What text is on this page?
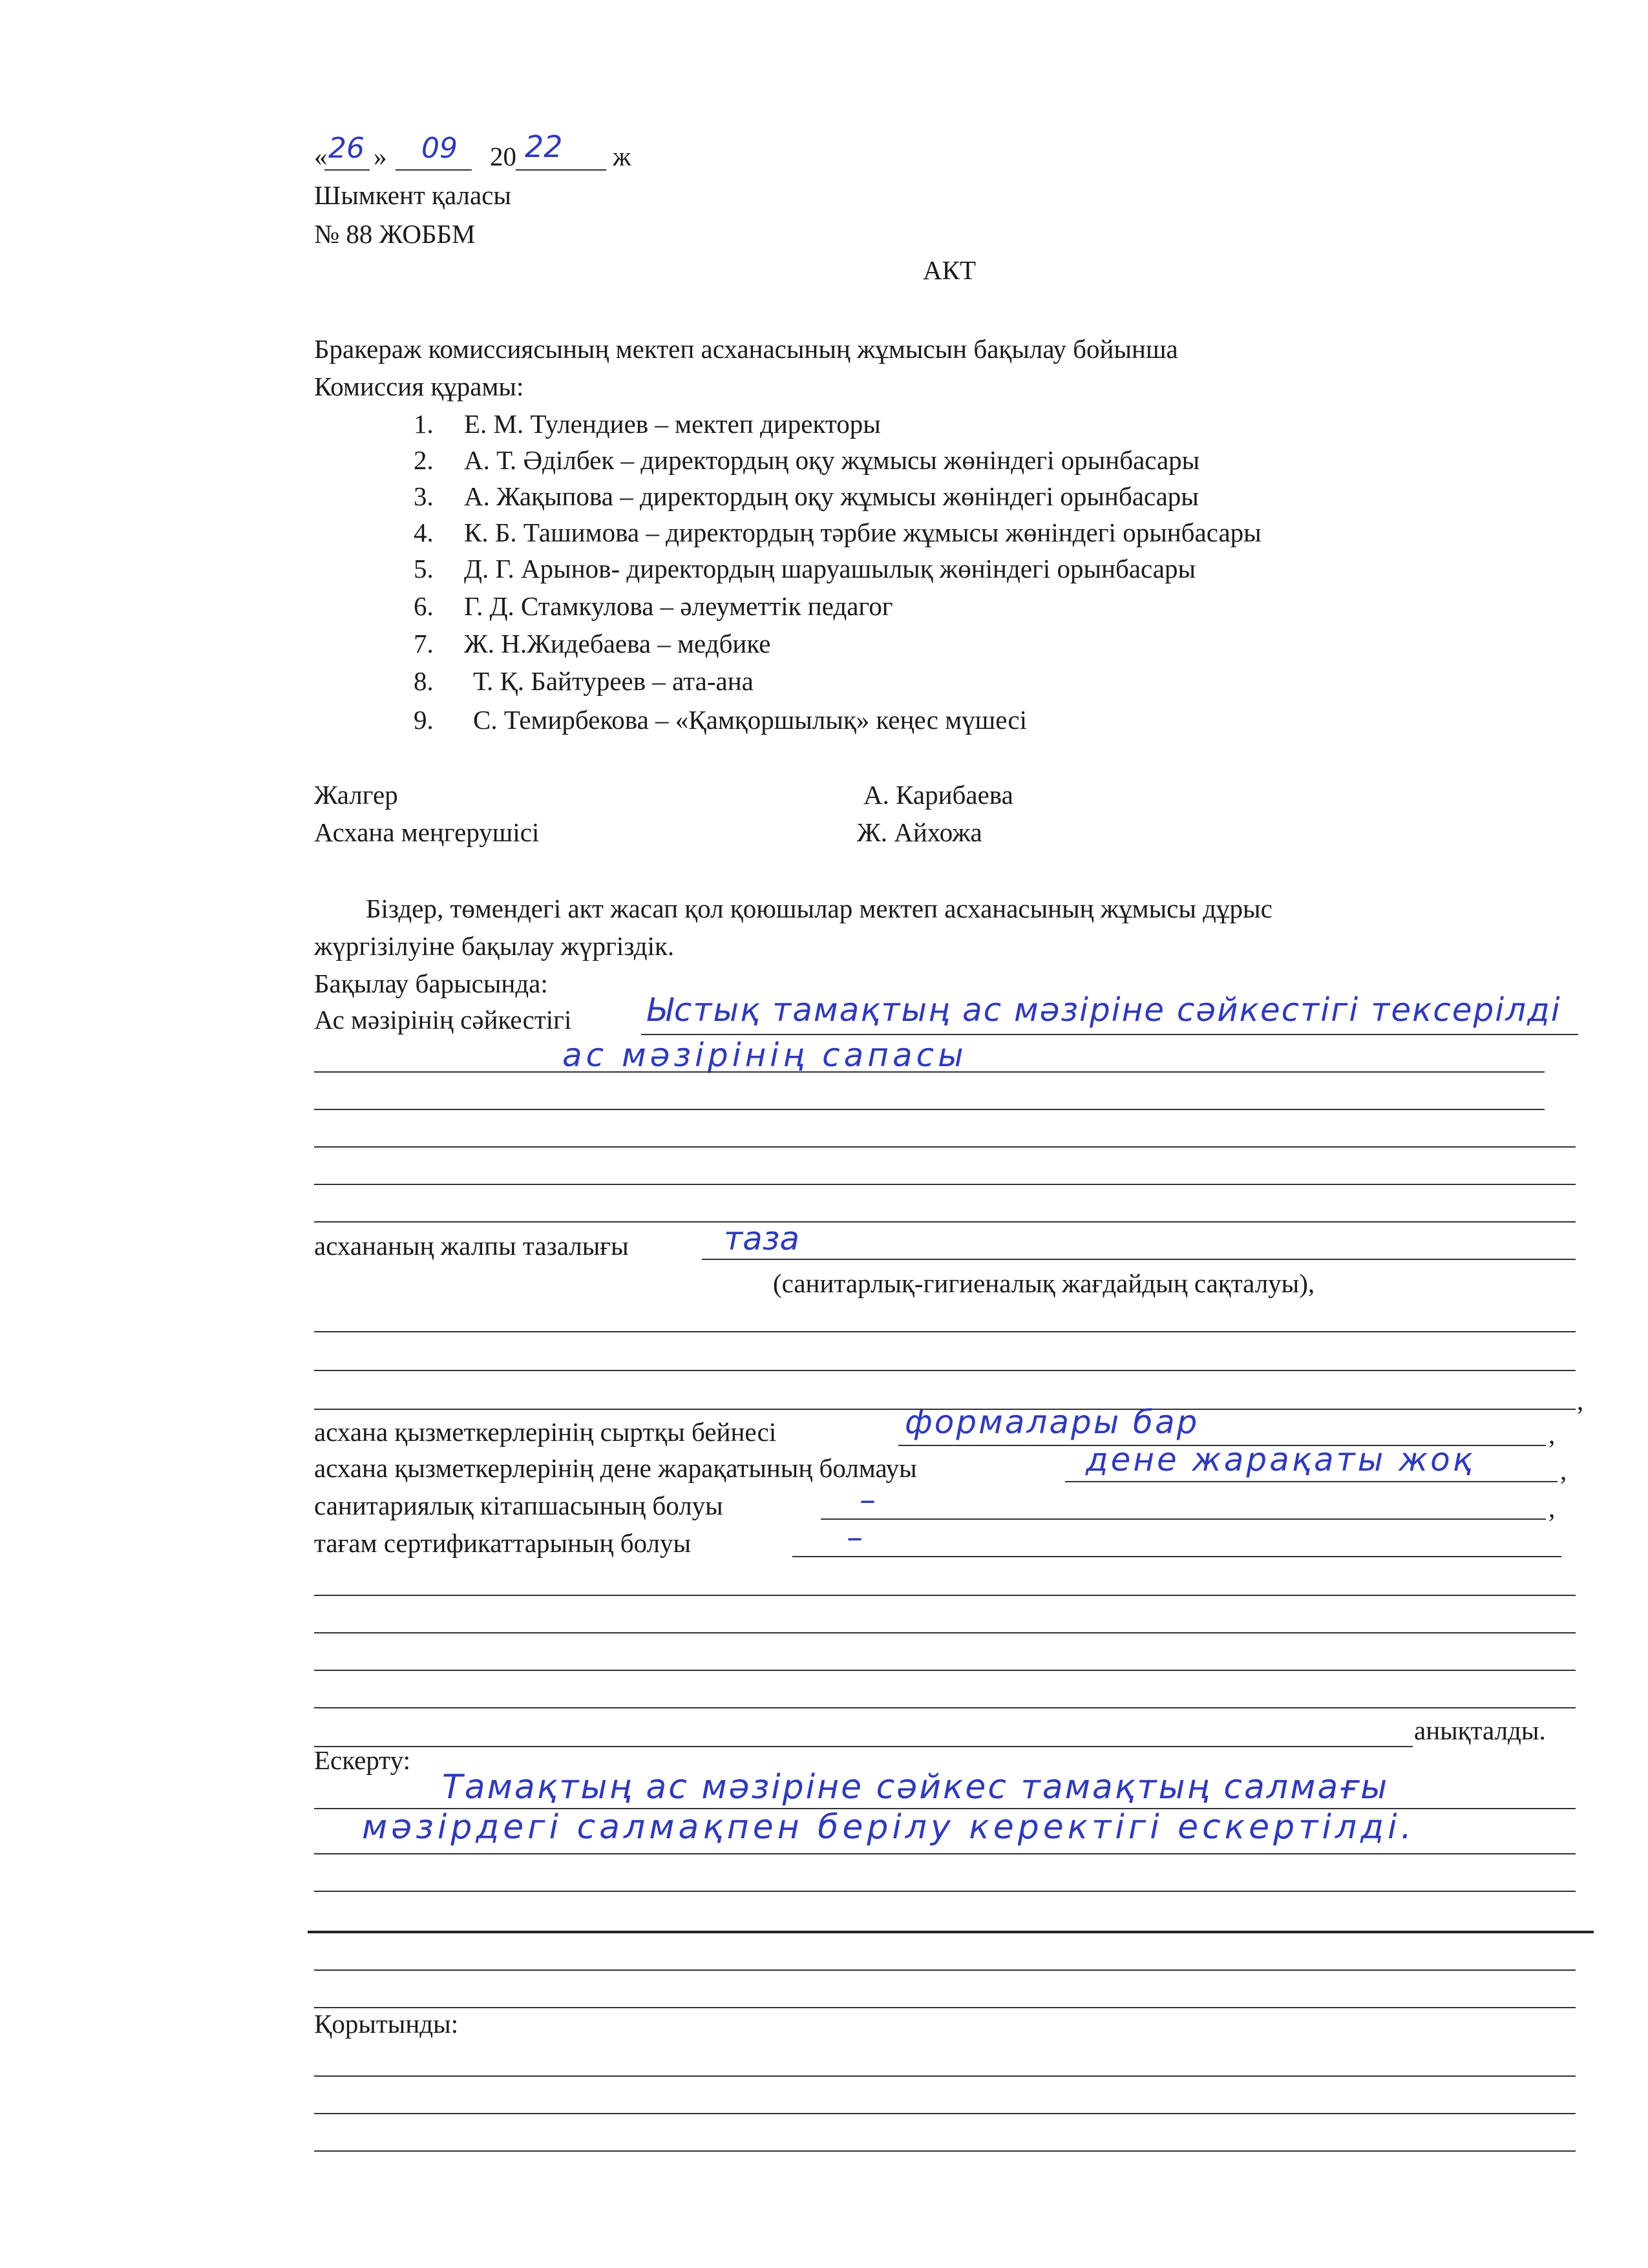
« 26 » 09 20 22 ж
Шымкент қаласы
№ 88 ЖОББМ
АКТ
Бракераж комиссиясының мектеп асханасының жұмысын бақылау бойынша
Комиссия құрамы:
1. Е. М. Тулендиев – мектеп директоры
2. А. Т. Әділбек – директордың оқу жұмысы жөніндегі орынбасары
3. А. Жақыпова – директордың оқу жұмысы жөніндегі орынбасары
4. К. Б. Ташимова – директордың тәрбие жұмысы жөніндегі орынбасары
5. Д. Г. Арынов- директордың шаруашылық жөніндегі орынбасары
6. Г. Д. Стамкулова – әлеуметтік педагог
7. Ж. Н.Жидебаева – медбике
8. Т. Қ. Байтуреев – ата-ана
9. С. Темирбекова – «Қамқоршылық» кеңес мүшесі
Жалгер	А. Карибаева
Асхана меңгерушісі	Ж. Айхожа
Біздер, төмендегі акт жасап қол қоюшылар мектеп асханасының жұмысы дұрыс
жүргізілуіне бақылау жүргіздік.
Бақылау барысында:
Ас мәзірінің сәйкестігі Ыстық тамақтың ас мәзіріне сәйкестігі тексерілді
ас мәзірінің сапасы
асхананың жалпы тазалығы	таза
(санитарлық-гигиеналық жағдайдың сақталуы),
,
асхана қызметкерлерінің сыртқы бейнесі	формалары бар	,
асхана қызметкерлерінің дене жарақатының болмауы	дене жарақаты жоқ	,
санитариялық кітапшасының болуы	–	,
тағам сертификаттарының болуы	–
анықталды.
Ескерту:
Тамақтың ас мәзіріне сәйкес тамақтың салмағы
мәзірдегі салмақпен берілу керектігі ескертілді.
Қорытынды:
